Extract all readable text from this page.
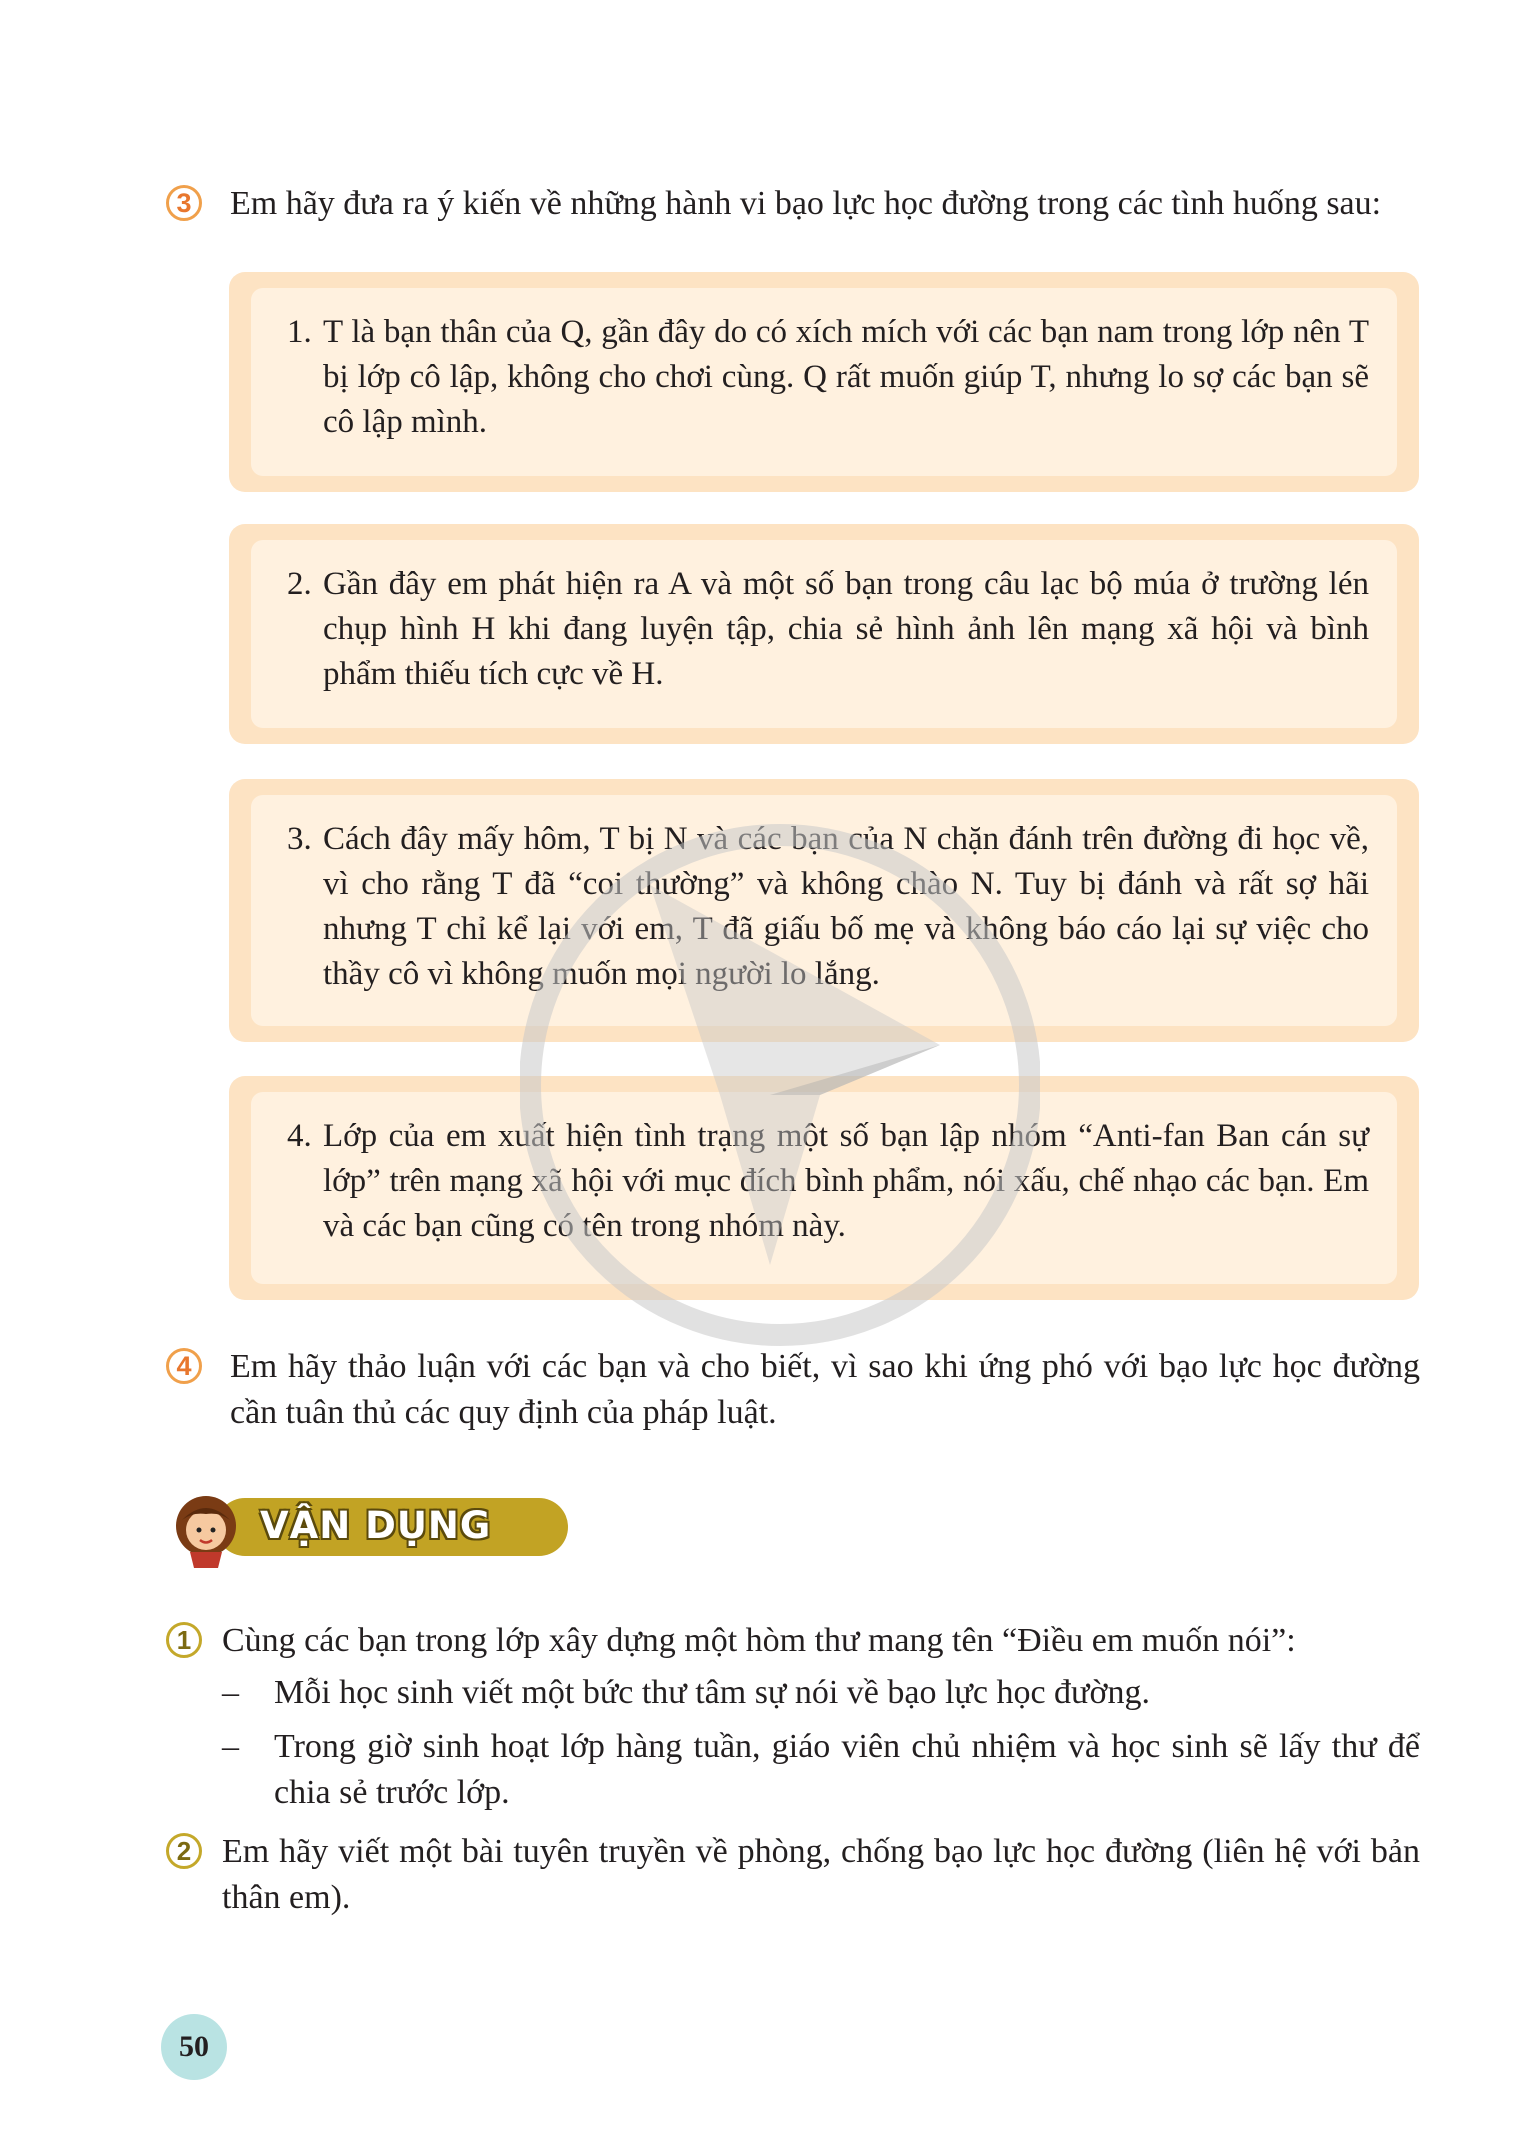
3	Em hãy đưa ra ý kiến về những hành vi bạo lực học đường trong các tình huống sau:
1. T là bạn thân của Q, gần đây do có xích mích với các bạn nam trong lớp nên T bị lớp cô lập, không cho chơi cùng. Q rất muốn giúp T, nhưng lo sợ các bạn sẽ cô lập mình.
2. Gần đây em phát hiện ra A và một số bạn trong câu lạc bộ múa ở trường lén chụp hình H khi đang luyện tập, chia sẻ hình ảnh lên mạng xã hội và bình phẩm thiếu tích cực về H.
3. Cách đây mấy hôm, T bị N và các bạn của N chặn đánh trên đường đi học về, vì cho rằng T đã “coi thường” và không chào N. Tuy bị đánh và rất sợ hãi nhưng T chỉ kể lại với em, T đã giấu bố mẹ và không báo cáo lại sự việc cho thầy cô vì không muốn mọi người lo lắng.
4. Lớp của em xuất hiện tình trạng một số bạn lập nhóm “Anti-fan Ban cán sự lớp” trên mạng xã hội với mục đích bình phẩm, nói xấu, chế nhạo các bạn. Em và các bạn cũng có tên trong nhóm này.
4	Em hãy thảo luận với các bạn và cho biết, vì sao khi ứng phó với bạo lực học đường cần tuân thủ các quy định của pháp luật.
VẬN DỤNG
1 Cùng các bạn trong lớp xây dựng một hòm thư mang tên “Điều em muốn nói”:
–	Mỗi học sinh viết một bức thư tâm sự nói về bạo lực học đường.
–	Trong giờ sinh hoạt lớp hàng tuần, giáo viên chủ nhiệm và học sinh sẽ lấy thư để chia sẻ trước lớp.
2 Em hãy viết một bài tuyên truyền về phòng, chống bạo lực học đường (liên hệ với bản thân em).
50
